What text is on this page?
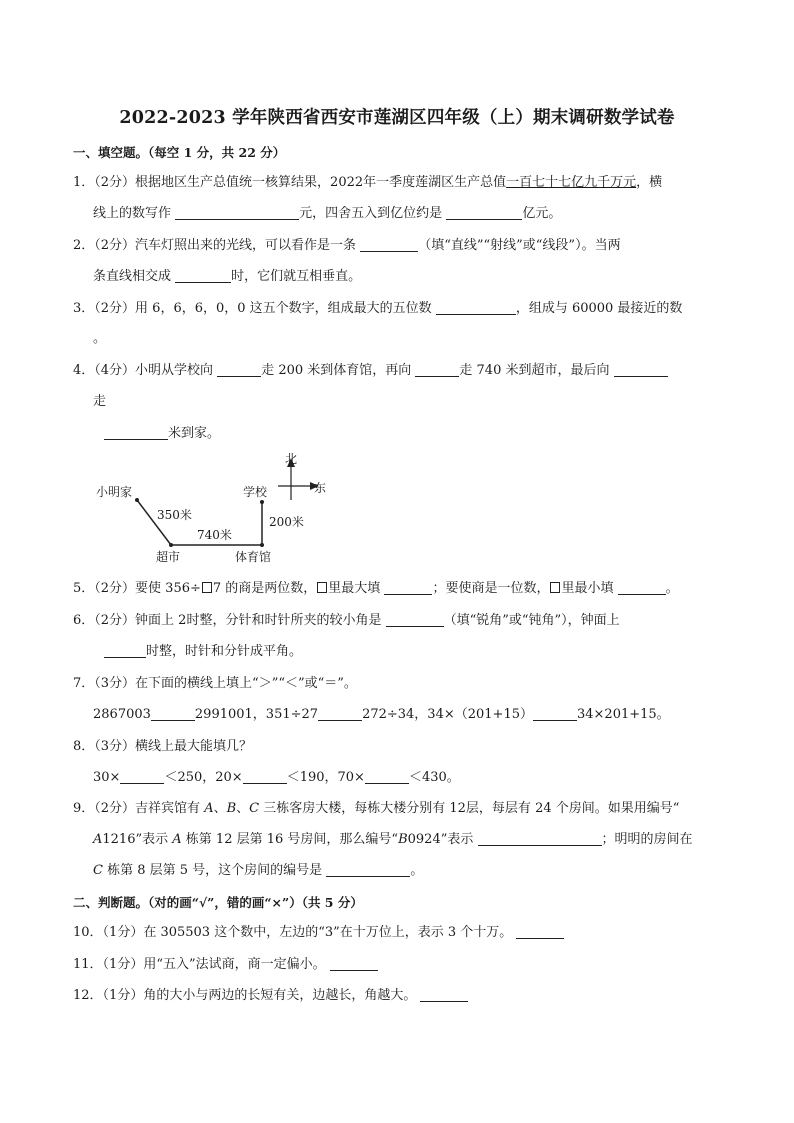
2022-2023 学年陕西省西安市莲湖区四年级（上）期末调研数学试卷
一、填空题。（每空 1 分，共 22 分）
1．（2分）根据地区生产总值统一核算结果，2022年一季度莲湖区生产总值一百七十七亿九千万元，横
线上的数写作	元，四舍五入到亿位约是	亿元。
2．（2分）汽车灯照出来的光线，可以看作是一条	（填“直线”“射线”或“线段”）。当两
条直线相交成	时，它们就互相垂直。
3．（2分）用 6，6，6，0，0 这五个数字，组成最大的五位数	，组成与 60000 最接近的数
。
4．（4分）小明从学校向	走 200 米到体育馆，再向	走 740 米到超市，最后向
走
米到家。
北
东
小明家	学校
超市	体育馆
350米
740米
200米
5．（2分）要使 356÷ 7 的商是两位数， 里最大填	；要使商是一位数， 里最小填	。
6．（2分）钟面上 2时整，分针和时针所夹的较小角是	（填“锐角”或“钝角”），钟面上
时整，时针和分针成平角。
7．（3分）在下面的横线上填上“＞”“＜”或“＝”。
2867003	2991001，351÷27	272÷34，34×（201+15）	34×201+15。
8．（3分）横线上最大能填几？
30×	＜250，20×	＜190，70×	＜430。
9．（2分）吉祥宾馆有 A、B、C 三栋客房大楼，每栋大楼分别有 12层，每层有 24 个房间。如果用编号“
A1216”表示 A 栋第 12 层第 16 号房间，那么编号“B0924”表示	；明明的房间在
C 栋第 8 层第 5 号，这个房间的编号是	。
二、判断题。（对的画“√”，错的画“×”）（共 5 分）
10．（1分）在 305503 这个数中，左边的“3”在十万位上，表示 3 个十万。
11．（1分）用“五入”法试商，商一定偏小。
12．（1分）角的大小与两边的长短有关，边越长，角越大。
